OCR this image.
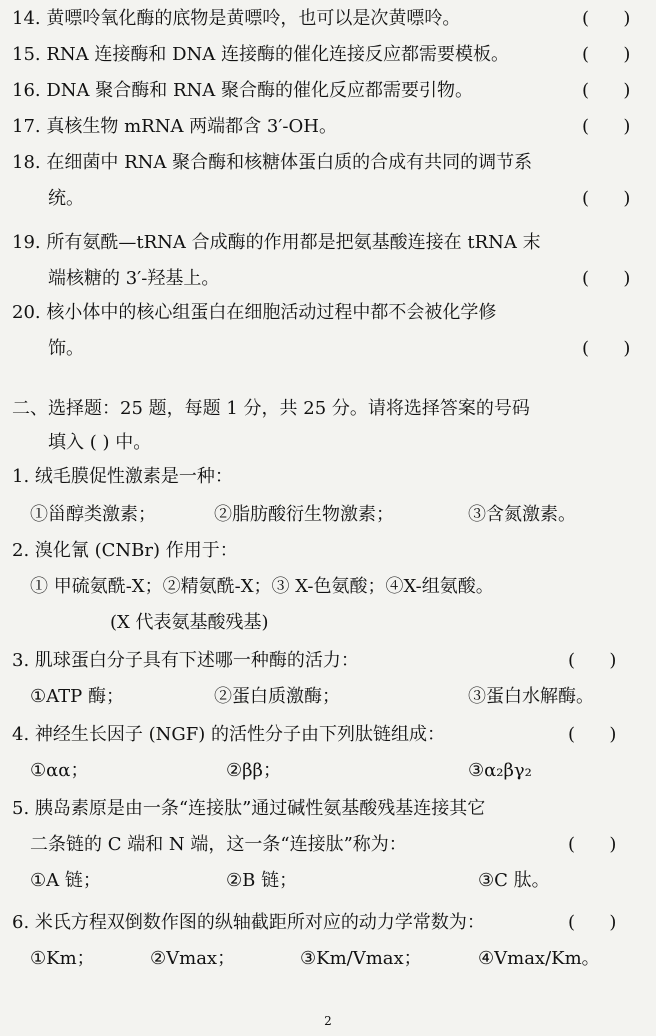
14. 黄嘌呤氧化酶的底物是黄嘌呤，也可以是次黄嘌呤。	(      )
15. RNA 连接酶和 DNA 连接酶的催化连接反应都需要模板。	(      )
16. DNA 聚合酶和 RNA 聚合酶的催化反应都需要引物。	(      )
17. 真核生物 mRNA 两端都含 3′-OH。	(      )
18. 在细菌中 RNA 聚合酶和核糖体蛋白质的合成有共同的调节系
统。	(      )
19. 所有氨酰—tRNA 合成酶的作用都是把氨基酸连接在 tRNA 末
端核糖的 3′-羟基上。	(      )
20. 核小体中的核心组蛋白在细胞活动过程中都不会被化学修
饰。	(      )
二、选择题：25 题，每题 1 分，共 25 分。请将选择答案的号码
填入 ( ) 中。
1. 绒毛膜促性激素是一种：
①甾醇类激素；	②脂肪酸衍生物激素；	③含氮激素。
2. 溴化氰 (CNBr) 作用于：
① 甲硫氨酰-X；②精氨酰-X；③ X-色氨酸；④X-组氨酸。
(X 代表氨基酸残基)
3. 肌球蛋白分子具有下述哪一种酶的活力：	(      )
①ATP 酶；	②蛋白质激酶；	③蛋白水解酶。
4. 神经生长因子 (NGF) 的活性分子由下列肽链组成：	(      )
①αα；	②ββ；	③α₂βγ₂
5. 胰岛素原是由一条“连接肽”通过碱性氨基酸残基连接其它
二条链的 C 端和 N 端，这一条“连接肽”称为：	(      )
①A 链；	②B 链；	③C 肽。
6. 米氏方程双倒数作图的纵轴截距所对应的动力学常数为：	(      )
①Km；	②Vmax；	③Km/Vmax；	④Vmax/Km。
2
